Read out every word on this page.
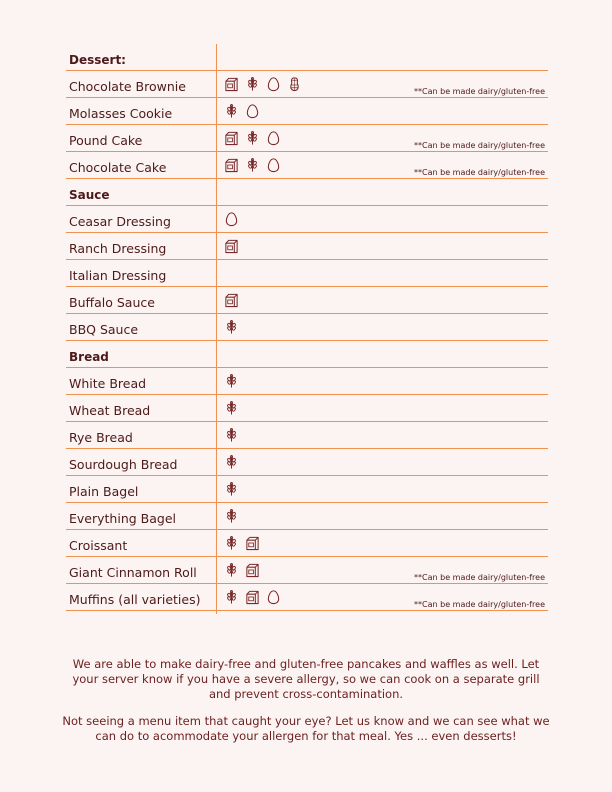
Dessert:
Chocolate Brownie	**Can be made dairy/gluten-free
Molasses Cookie
Pound Cake	**Can be made dairy/gluten-free
Chocolate Cake	**Can be made dairy/gluten-free
Sauce
Ceasar Dressing
Ranch Dressing
Italian Dressing
Buffalo Sauce
BBQ Sauce
Bread
White Bread
Wheat Bread
Rye Bread
Sourdough Bread
Plain Bagel
Everything Bagel
Croissant
Giant Cinnamon Roll	**Can be made dairy/gluten-free
Muffins (all varieties)	**Can be made dairy/gluten-free

We are able to make dairy-free and gluten-free pancakes and waffles as well. Let your server know if you have a severe allergy, so we can cook on a separate grill and prevent cross-contamination.

Not seeing a menu item that caught your eye? Let us know and we can see what we can do to acommodate your allergen for that meal. Yes ... even desserts!
